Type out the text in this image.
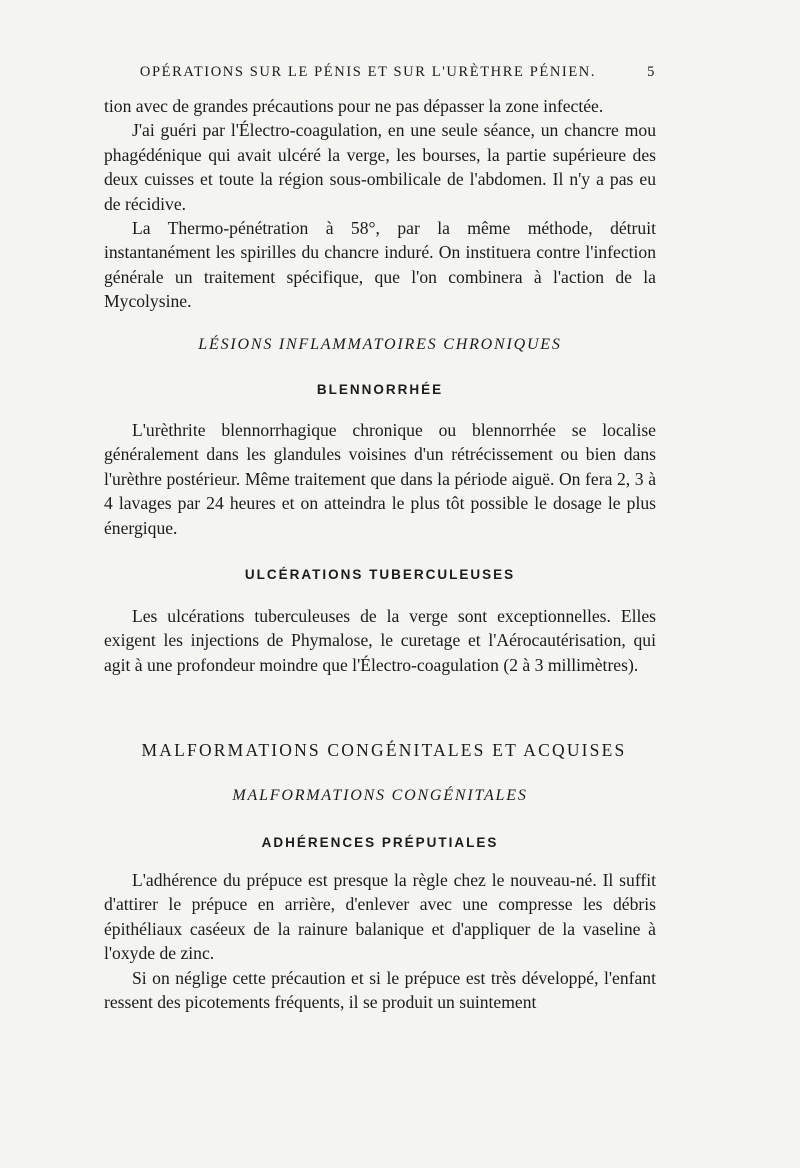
OPÉRATIONS SUR LE PÉNIS ET SUR L'URÈTHRE PÉNIEN.	5

tion avec de grandes précautions pour ne pas dépasser la zone infectée.

J'ai guéri par l'Électro-coagulation, en une seule séance, un chancre mou phagédénique qui avait ulcéré la verge, les bourses, la partie supérieure des deux cuisses et toute la région sous-ombilicale de l'abdomen. Il n'y a pas eu de récidive.

La Thermo-pénétration à 58°, par la même méthode, détruit instantanément les spirilles du chancre induré. On instituera contre l'infection générale un traitement spécifique, que l'on combinera à l'action de la Mycolysine.

LÉSIONS INFLAMMATOIRES CHRONIQUES
BLENNORRHÉE

L'urèthrite blennorrhagique chronique ou blennorrhée se localise généralement dans les glandules voisines d'un rétrécissement ou bien dans l'urèthre postérieur. Même traitement que dans la période aiguë. On fera 2, 3 à 4 lavages par 24 heures et on atteindra le plus tôt possible le dosage le plus énergique.

ULCÉRATIONS TUBERCULEUSES

Les ulcérations tuberculeuses de la verge sont exceptionnelles. Elles exigent les injections de Phymalose, le curetage et l'Aérocautérisation, qui agit à une profondeur moindre que l'Électro-coagulation (2 à 3 millimètres).

MALFORMATIONS CONGÉNITALES ET ACQUISES
MALFORMATIONS CONGÉNITALES
ADHÉRENCES PRÉPUTIALES

L'adhérence du prépuce est presque la règle chez le nouveau-né. Il suffit d'attirer le prépuce en arrière, d'enlever avec une compresse les débris épithéliaux caséeux de la rainure balanique et d'appliquer de la vaseline à l'oxyde de zinc.

Si on néglige cette précaution et si le prépuce est très développé, l'enfant ressent des picotements fréquents, il se produit un suintement
